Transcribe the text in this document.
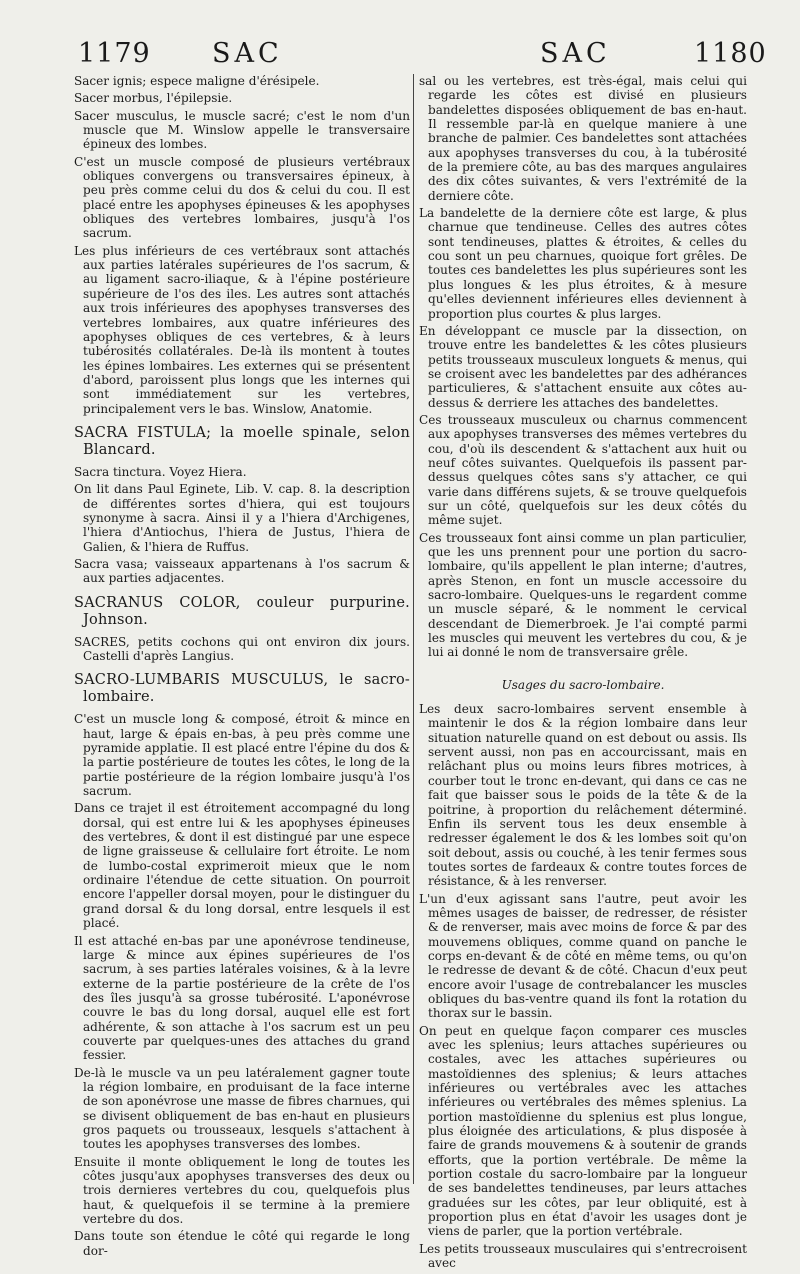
1179 SAC	SAC	1180

Sacer ignis; espece maligne d'érésipele.

Sacer morbus, l'épilepsie.

Sacer musculus, le muscle sacré; c'est le nom d'un muscle que M. Winslow appelle le transversaire épineux des lombes.

C'est un muscle composé de plusieurs vertébraux obliques convergens ou transversaires épineux, à peu près comme celui du dos & celui du cou. Il est placé entre les apophyses épineuses & les apophyses obliques des vertebres lombaires, jusqu'à l'os sacrum.

Les plus inférieurs de ces vertébraux sont attachés aux parties latérales supérieures de l'os sacrum, & au ligament sacro-iliaque, & à l'épine postérieure supérieure de l'os des iles. Les autres sont attachés aux trois inférieures des apophyses transverses des vertebres lombaires, aux quatre inférieures des apophyses obliques de ces vertebres, & à leurs tubérosités collatérales. De-là ils montent à toutes les épines lombaires. Les externes qui se présentent d'abord, paroissent plus longs que les internes qui sont immédiatement sur les vertebres, principalement vers le bas. Winslow, Anatomie.

SACRA FISTULA; la moelle spinale, selon Blancard.

Sacra tinctura. Voyez Hiera.

On lit dans Paul Eginete, Lib. V. cap. 8. la description de différentes sortes d'hiera, qui est toujours synonyme à sacra. Ainsi il y a l'hiera d'Archigenes, l'hiera d'Antiochus, l'hiera de Justus, l'hiera de Galien, & l'hiera de Ruffus.

Sacra vasa; vaisseaux appartenans à l'os sacrum & aux parties adjacentes.

SACRANUS COLOR, couleur purpurine. Johnson.

SACRES, petits cochons qui ont environ dix jours. Castelli d'après Langius.

SACRO-LUMBARIS MUSCULUS, le sacro-lombaire.

C'est un muscle long & composé, étroit & mince en haut, large & épais en-bas, à peu près comme une pyramide applatie. Il est placé entre l'épine du dos & la partie postérieure de toutes les côtes, le long de la partie postérieure de la région lombaire jusqu'à l'os sacrum.

Dans ce trajet il est étroitement accompagné du long dorsal, qui est entre lui & les apophyses épineuses des vertebres, & dont il est distingué par une espece de ligne graisseuse & cellulaire fort étroite. Le nom de lumbo-costal exprimeroit mieux que le nom ordinaire l'étendue de cette situation. On pourroit encore l'appeller dorsal moyen, pour le distinguer du grand dorsal & du long dorsal, entre lesquels il est placé.

Il est attaché en-bas par une aponévrose tendineuse, large & mince aux épines supérieures de l'os sacrum, à ses parties latérales voisines, & à la levre externe de la partie postérieure de la crête de l'os des îles jusqu'à sa grosse tubérosité. L'aponévrose couvre le bas du long dorsal, auquel elle est fort adhérente, & son attache à l'os sacrum est un peu couverte par quelques-unes des attaches du grand fessier.

De-là le muscle va un peu latéralement gagner toute la région lombaire, en produisant de la face interne de son aponévrose une masse de fibres charnues, qui se divisent obliquement de bas en-haut en plusieurs gros paquets ou trousseaux, lesquels s'attachent à toutes les apophyses transverses des lombes.

Ensuite il monte obliquement le long de toutes les côtes jusqu'aux apophyses transverses des deux ou trois dernieres vertebres du cou, quelquefois plus haut, & quelquefois il se termine à la premiere vertebre du dos.

Dans toute son étendue le côté qui regarde le long dor-

sal ou les vertebres, est très-égal, mais celui qui regarde les côtes est divisé en plusieurs bandelettes disposées obliquement de bas en-haut. Il ressemble par-là en quelque maniere à une branche de palmier. Ces bandelettes sont attachées aux apophyses transverses du cou, à la tubérosité de la premiere côte, au bas des marques angulaires des dix côtes suivantes, & vers l'extrémité de la derniere côte.

La bandelette de la derniere côte est large, & plus charnue que tendineuse. Celles des autres côtes sont tendineuses, plattes & étroites, & celles du cou sont un peu charnues, quoique fort grêles. De toutes ces bandelettes les plus supérieures sont les plus longues & les plus étroites, & à mesure qu'elles deviennent inférieures elles deviennent à proportion plus courtes & plus larges.

En développant ce muscle par la dissection, on trouve entre les bandelettes & les côtes plusieurs petits trousseaux musculeux longuets & menus, qui se croisent avec les bandelettes par des adhérances particulieres, & s'attachent ensuite aux côtes au-dessus & derriere les attaches des bandelettes.

Ces trousseaux musculeux ou charnus commencent aux apophyses transverses des mêmes vertebres du cou, d'où ils descendent & s'attachent aux huit ou neuf côtes suivantes. Quelquefois ils passent par-dessus quelques côtes sans s'y attacher, ce qui varie dans différens sujets, & se trouve quelquefois sur un côté, quelquefois sur les deux côtés du même sujet.

Ces trousseaux font ainsi comme un plan particulier, que les uns prennent pour une portion du sacro-lombaire, qu'ils appellent le plan interne; d'autres, après Stenon, en font un muscle accessoire du sacro-lombaire. Quelques-uns le regardent comme un muscle séparé, & le nomment le cervical descendant de Diemerbroek. Je l'ai compté parmi les muscles qui meuvent les vertebres du cou, & je lui ai donné le nom de transversaire grêle.

Usages du sacro-lombaire.

Les deux sacro-lombaires servent ensemble à maintenir le dos & la région lombaire dans leur situation naturelle quand on est debout ou assis. Ils servent aussi, non pas en accourcissant, mais en relâchant plus ou moins leurs fibres motrices, à courber tout le tronc en-devant, qui dans ce cas ne fait que baisser sous le poids de la tête & de la poitrine, à proportion du relâchement déterminé. Enfin ils servent tous les deux ensemble à redresser également le dos & les lombes soit qu'on soit debout, assis ou couché, à les tenir fermes sous toutes sortes de fardeaux & contre toutes forces de résistance, & à les renverser.

L'un d'eux agissant sans l'autre, peut avoir les mêmes usages de baisser, de redresser, de résister & de renverser, mais avec moins de force & par des mouvemens obliques, comme quand on panche le corps en-devant & de côté en même tems, ou qu'on le redresse de devant & de côté. Chacun d'eux peut encore avoir l'usage de contrebalancer les muscles obliques du bas-ventre quand ils font la rotation du thorax sur le bassin.

On peut en quelque façon comparer ces muscles avec les splenius; leurs attaches supérieures ou costales, avec les attaches supérieures ou mastoïdiennes des splenius; & leurs attaches inférieures ou vertébrales avec les attaches inférieures ou vertébrales des mêmes splenius. La portion mastoïdienne du splenius est plus longue, plus éloignée des articulations, & plus disposée à faire de grands mouvemens & à soutenir de grands efforts, que la portion vertébrale. De même la portion costale du sacro-lombaire par la longueur de ses bandelettes tendineuses, par leurs attaches graduées sur les côtes, par leur obliquité, est à proportion plus en état d'avoir les usages dont je viens de parler, que la portion vertébrale.

Les petits trousseaux musculaires qui s'entrecroisent avec
